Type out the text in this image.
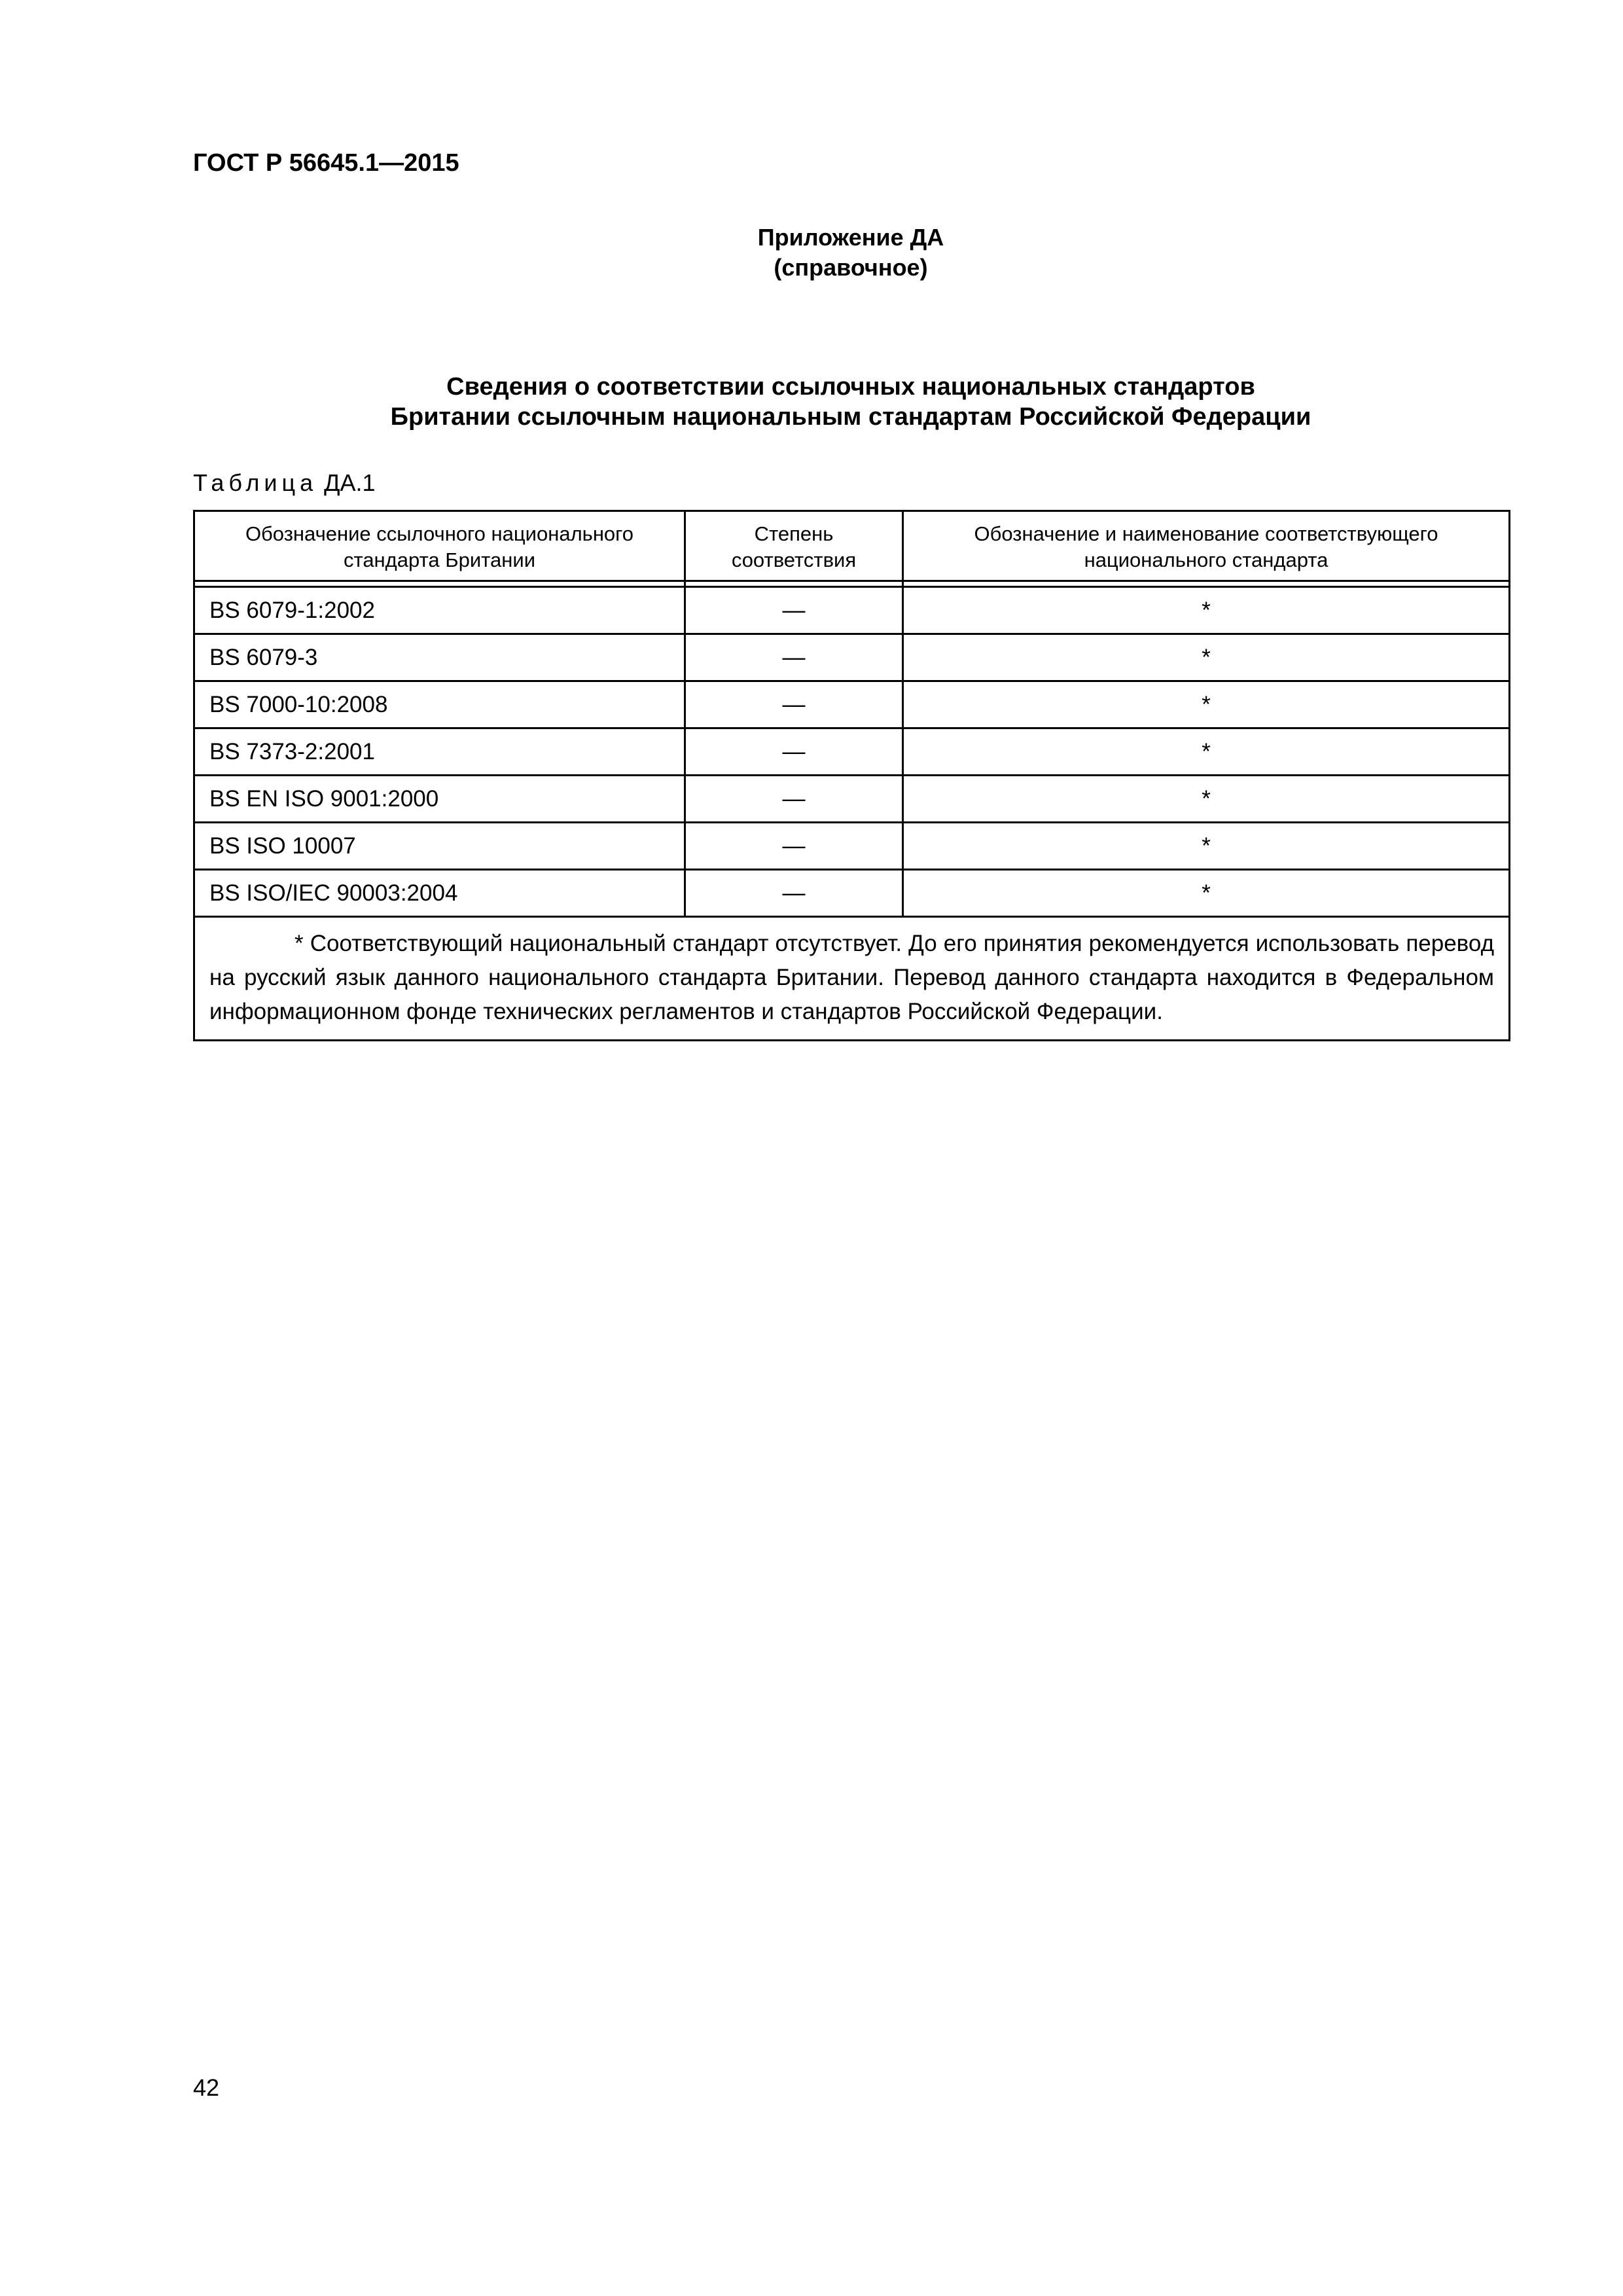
ГОСТ Р 56645.1—2015
Приложение ДА
(справочное)
Сведения о соответствии ссылочных национальных стандартов
Британии ссылочным национальным стандартам Российской Федерации
Таблица ДА.1
Обозначение ссылочного национального стандарта Британии	Степень соответствия	Обозначение и наименование соответствующего национального стандарта

BS 6079-1:2002	—	*
BS 6079-3	—	*
BS 7000-10:2008	—	*
BS 7373-2:2001	—	*
BS EN ISO 9001:2000	—	*
BS ISO 10007	—	*
BS ISO/IEC 90003:2004	—	*

* Соответствующий национальный стандарт отсутствует. До его принятия рекомендуется использовать перевод на русский язык данного национального стандарта Британии. Перевод данного стандарта находится в Федеральном информационном фонде технических регламентов и стандартов Российской Федерации.		
42
